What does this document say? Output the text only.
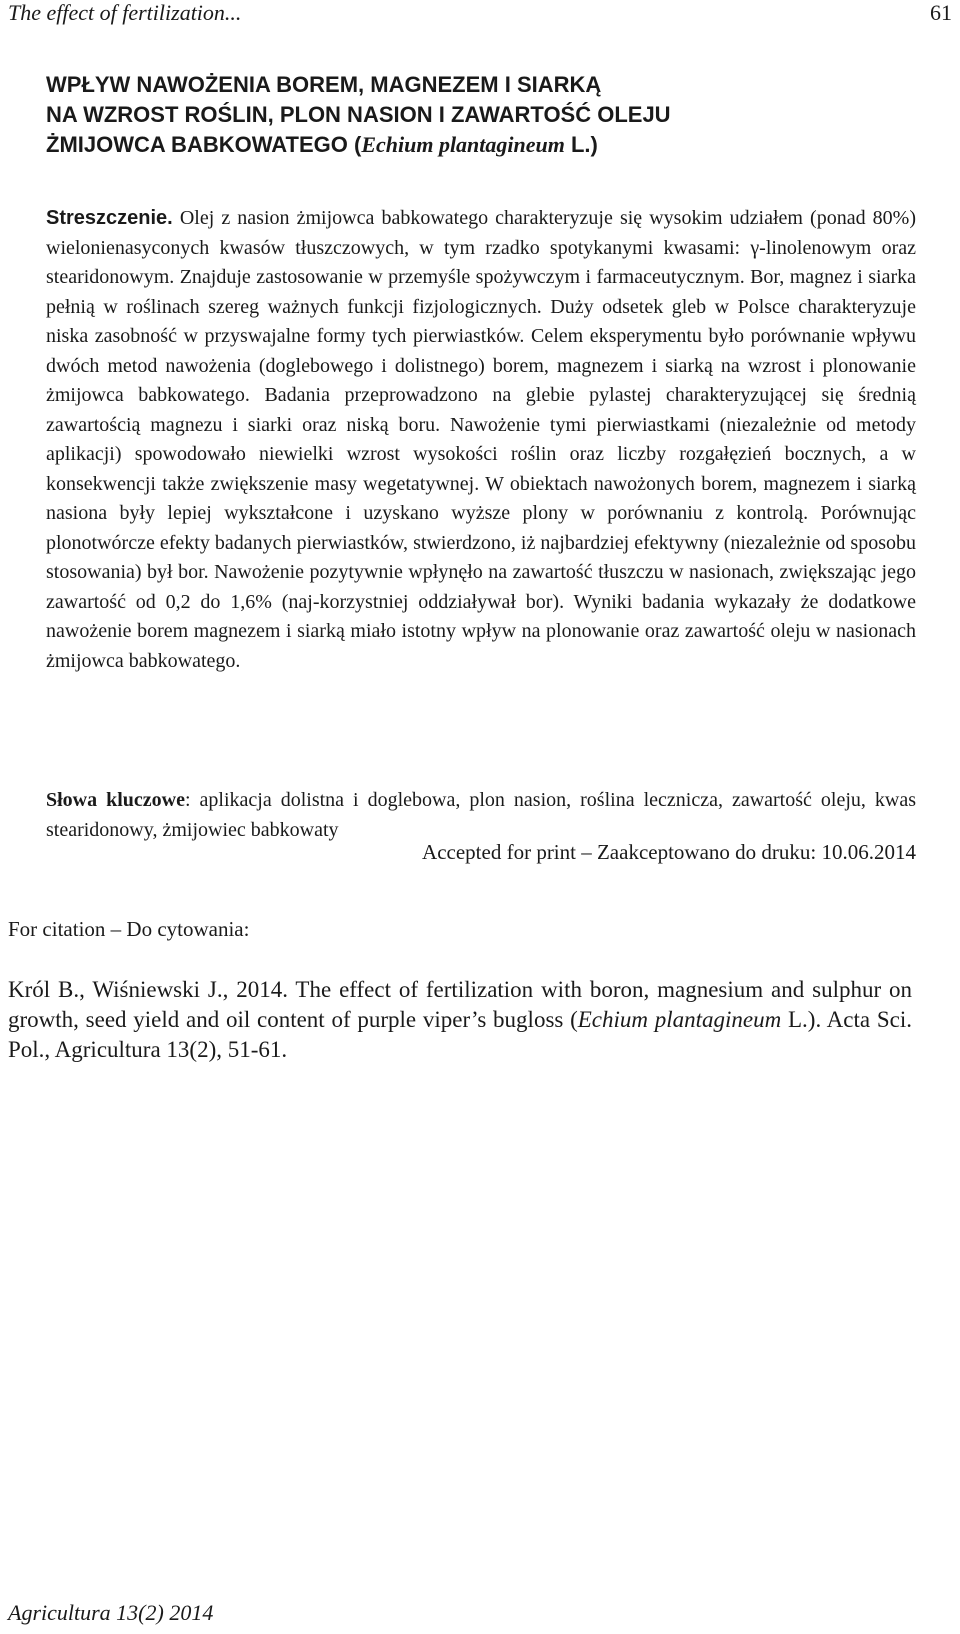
The effect of fertilization...	61
WPŁYW NAWOŻENIA BOREM, MAGNEZEM I SIARKĄ
NA WZROST ROŚLIN, PLON NASION I ZAWARTOŚĆ OLEJU
ŻMIJOWCA BABKOWATEGO (Echium plantagineum L.)

Streszczenie. Olej z nasion żmijowca babkowatego charakteryzuje się wysokim udziałem (ponad 80%) wielonienasyconych kwasów tłuszczowych, w tym rzadko spotykanymi kwasami: γ-linolenowym oraz stearidonowym. Znajduje zastosowanie w przemyśle spożywczym i farmaceutycznym. Bor, magnez i siarka pełnią w roślinach szereg ważnych funkcji fizjologicznych. Duży odsetek gleb w Polsce charakteryzuje niska zasobność w przyswajalne formy tych pierwiastków. Celem eksperymentu było porównanie wpływu dwóch metod nawożenia (doglebowego i dolistnego) borem, magnezem i siarką na wzrost i plonowanie żmijowca babkowatego. Badania przeprowadzono na glebie pylastej charakteryzującej się średnią zawartością magnezu i siarki oraz niską boru. Nawożenie tymi pierwiastkami (niezależnie od metody aplikacji) spowodowało niewielki wzrost wysokości roślin oraz liczby rozgałęzień bocznych, a w konsekwencji także zwiększenie masy wegetatywnej. W obiektach nawożonych borem, magnezem i siarką nasiona były lepiej wykształcone i uzyskano wyższe plony w porównaniu z kontrolą. Porównując plonotwórcze efekty badanych pierwiastków, stwierdzono, iż najbardziej efektywny (niezależnie od sposobu stosowania) był bor. Nawożenie pozytywnie wpłynęło na zawartość tłuszczu w nasionach, zwiększając jego zawartość od 0,2 do 1,6% (naj-korzystniej oddziaływał bor). Wyniki badania wykazały że dodatkowe nawożenie borem magnezem i siarką miało istotny wpływ na plonowanie oraz zawartość oleju w nasionach żmijowca babkowatego.

Słowa kluczowe: aplikacja dolistna i doglebowa, plon nasion, roślina lecznicza, zawartość oleju, kwas stearidonowy, żmijowiec babkowaty

Accepted for print – Zaakceptowano do druku: 10.06.2014
For citation – Do cytowania:

Król B., Wiśniewski J., 2014. The effect of fertilization with boron, magnesium and sulphur on growth, seed yield and oil content of purple viper’s bugloss (Echium plantagineum L.). Acta Sci. Pol., Agricultura 13(2), 51-61.

Agricultura 13(2) 2014
